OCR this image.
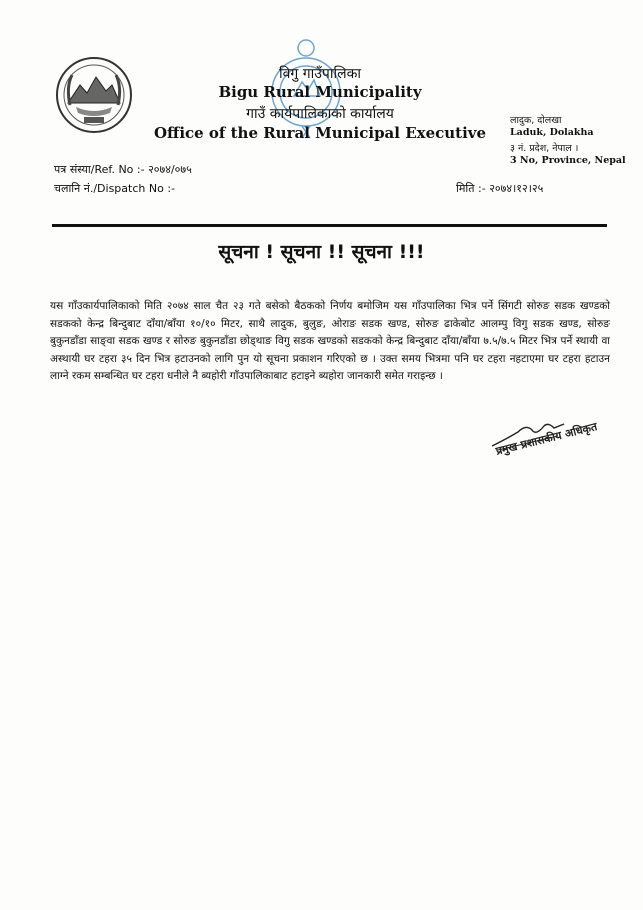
विगु गाउँपालिका
Bigu Rural Municipality
गाउँ कार्यपालिकाको कार्यालय
Office of the Rural Municipal Executive
लादुक, दोलखा
Laduk, Dolakha
३ नं. प्रदेश, नेपाल ।
3 No, Province, Nepal
पत्र संस्या/Ref. No :- २०७४/०७५
चलानि नं./Dispatch No :-	मिति :- २०७४।१२।२५
सूचना ! सूचना !! सूचना !!!
यस गाँउकार्यपालिकाको मिति २०७४ साल चैत २३ गते बसेको बैठकको निर्णय बमोजिम यस गाँउपालिका भित्र पर्ने सिंगटी सोरुङ सडक खण्डको सडकको केन्द्र बिन्दुबाट दाँया/बाँया १०/१० मिटर, साथै लादुक, बुलुङ, ओराङ सडक खण्ड, सोरुङ ढाकेबोट आलम्पु विगु सडक खण्ड, सोरुङ बुकुनडाँडा साङ्वा सडक खण्ड र सोरुङ बुकुनडाँडा छोड्थाङ विगु सडक खण्डको सडकको केन्द्र बिन्दुबाट दाँया/बाँया ७.५/७.५ मिटर भित्र पर्ने स्थायी वा अस्थायी घर टहरा ३५ दिन भित्र हटाउनको लागि पुन यो सूचना प्रकाशन गरिएको छ । उक्त समय भित्रमा पनि घर टहरा नहटाएमा घर टहरा हटाउन लाग्ने रकम सम्बन्धित घर टहरा धनीले नै ब्यहोरी गाँउपालिकाबाट हटाइने ब्यहोरा जानकारी समेत गराइन्छ ।
प्रमुख प्रशासकीय अधिकृत
